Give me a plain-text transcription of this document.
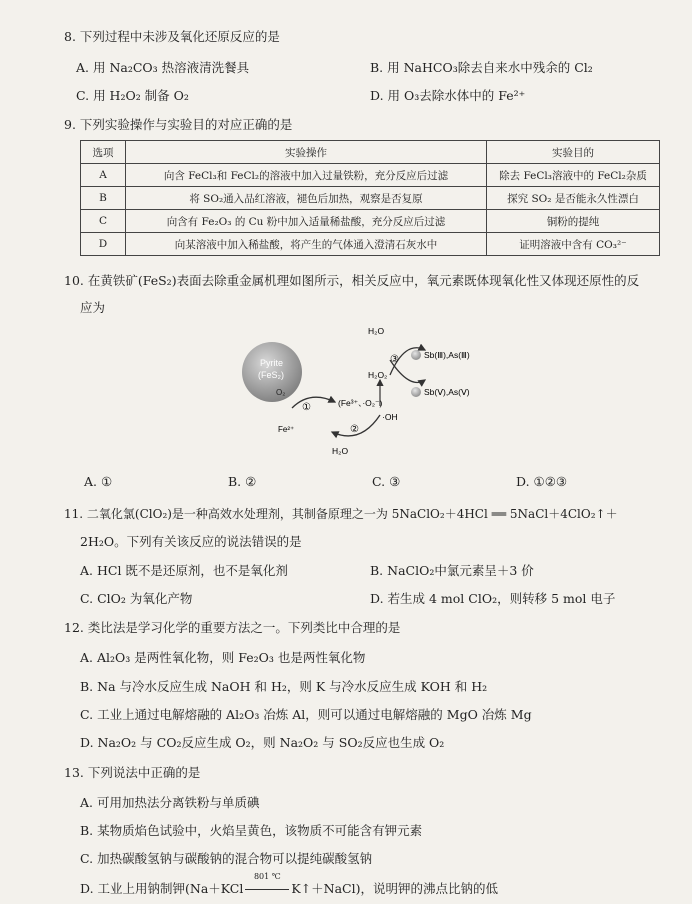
8. 下列过程中未涉及氧化还原反应的是
A. 用 Na₂CO₃ 热溶液清洗餐具	B. 用 NaHCO₃除去自来水中残余的 Cl₂
C. 用 H₂O₂ 制备 O₂	D. 用 O₃去除水体中的 Fe²⁺
9. 下列实验操作与实验目的对应正确的是
选项	实验操作	实验目的
A	向含 FeCl₃和 FeCl₂的溶液中加入过量铁粉，充分反应后过滤	除去 FeCl₃溶液中的 FeCl₂杂质
B	将 SO₂通入品红溶液，褪色后加热，观察是否复原	探究 SO₂ 是否能永久性漂白
C	向含有 Fe₂O₃ 的 Cu 粉中加入适量稀盐酸，充分反应后过滤	铜粉的提纯
D	向某溶液中加入稀盐酸，将产生的气体通入澄清石灰水中	证明溶液中含有 CO₃²⁻
10. 在黄铁矿(FeS₂)表面去除重金属机理如图所示，相关反应中，氧元素既体现氧化性又体现还原性的反
应为
Pyrite
(FeS₂)
O₂
①
Fe²⁺
(Fe³⁺、·O₂⁻)
·OH
②
H₂O
H₂O₂
③
H₂O
Sb(Ⅲ),As(Ⅲ)
Sb(Ⅴ),As(Ⅴ)
A. ①	B. ②	C. ③	D. ①②③
11. 二氧化氯(ClO₂)是一种高效水处理剂，其制备原理之一为 5NaClO₂＋4HCl ══ 5NaCl＋4ClO₂↑＋
2H₂O。下列有关该反应的说法错误的是
A. HCl 既不是还原剂，也不是氧化剂	B. NaClO₂中氯元素呈＋3 价
C. ClO₂ 为氧化产物	D. 若生成 4 mol ClO₂，则转移 5 mol 电子
12. 类比法是学习化学的重要方法之一。下列类比中合理的是
A. Al₂O₃ 是两性氧化物，则 Fe₂O₃ 也是两性氧化物
B. Na 与冷水反应生成 NaOH 和 H₂，则 K 与冷水反应生成 KOH 和 H₂
C. 工业上通过电解熔融的 Al₂O₃ 冶炼 Al，则可以通过电解熔融的 MgO 冶炼 Mg
D. Na₂O₂ 与 CO₂反应生成 O₂，则 Na₂O₂ 与 SO₂反应也生成 O₂
13. 下列说法中正确的是
A. 可用加热法分离铁粉与单质碘
B. 某物质焰色试验中，火焰呈黄色，该物质不可能含有钾元素
C. 加热碳酸氢钠与碳酸钠的混合物可以提纯碳酸氢钠
D. 工业上用钠制钾(Na＋KCl
801 ℃
K↑＋NaCl)，说明钾的沸点比钠的低
